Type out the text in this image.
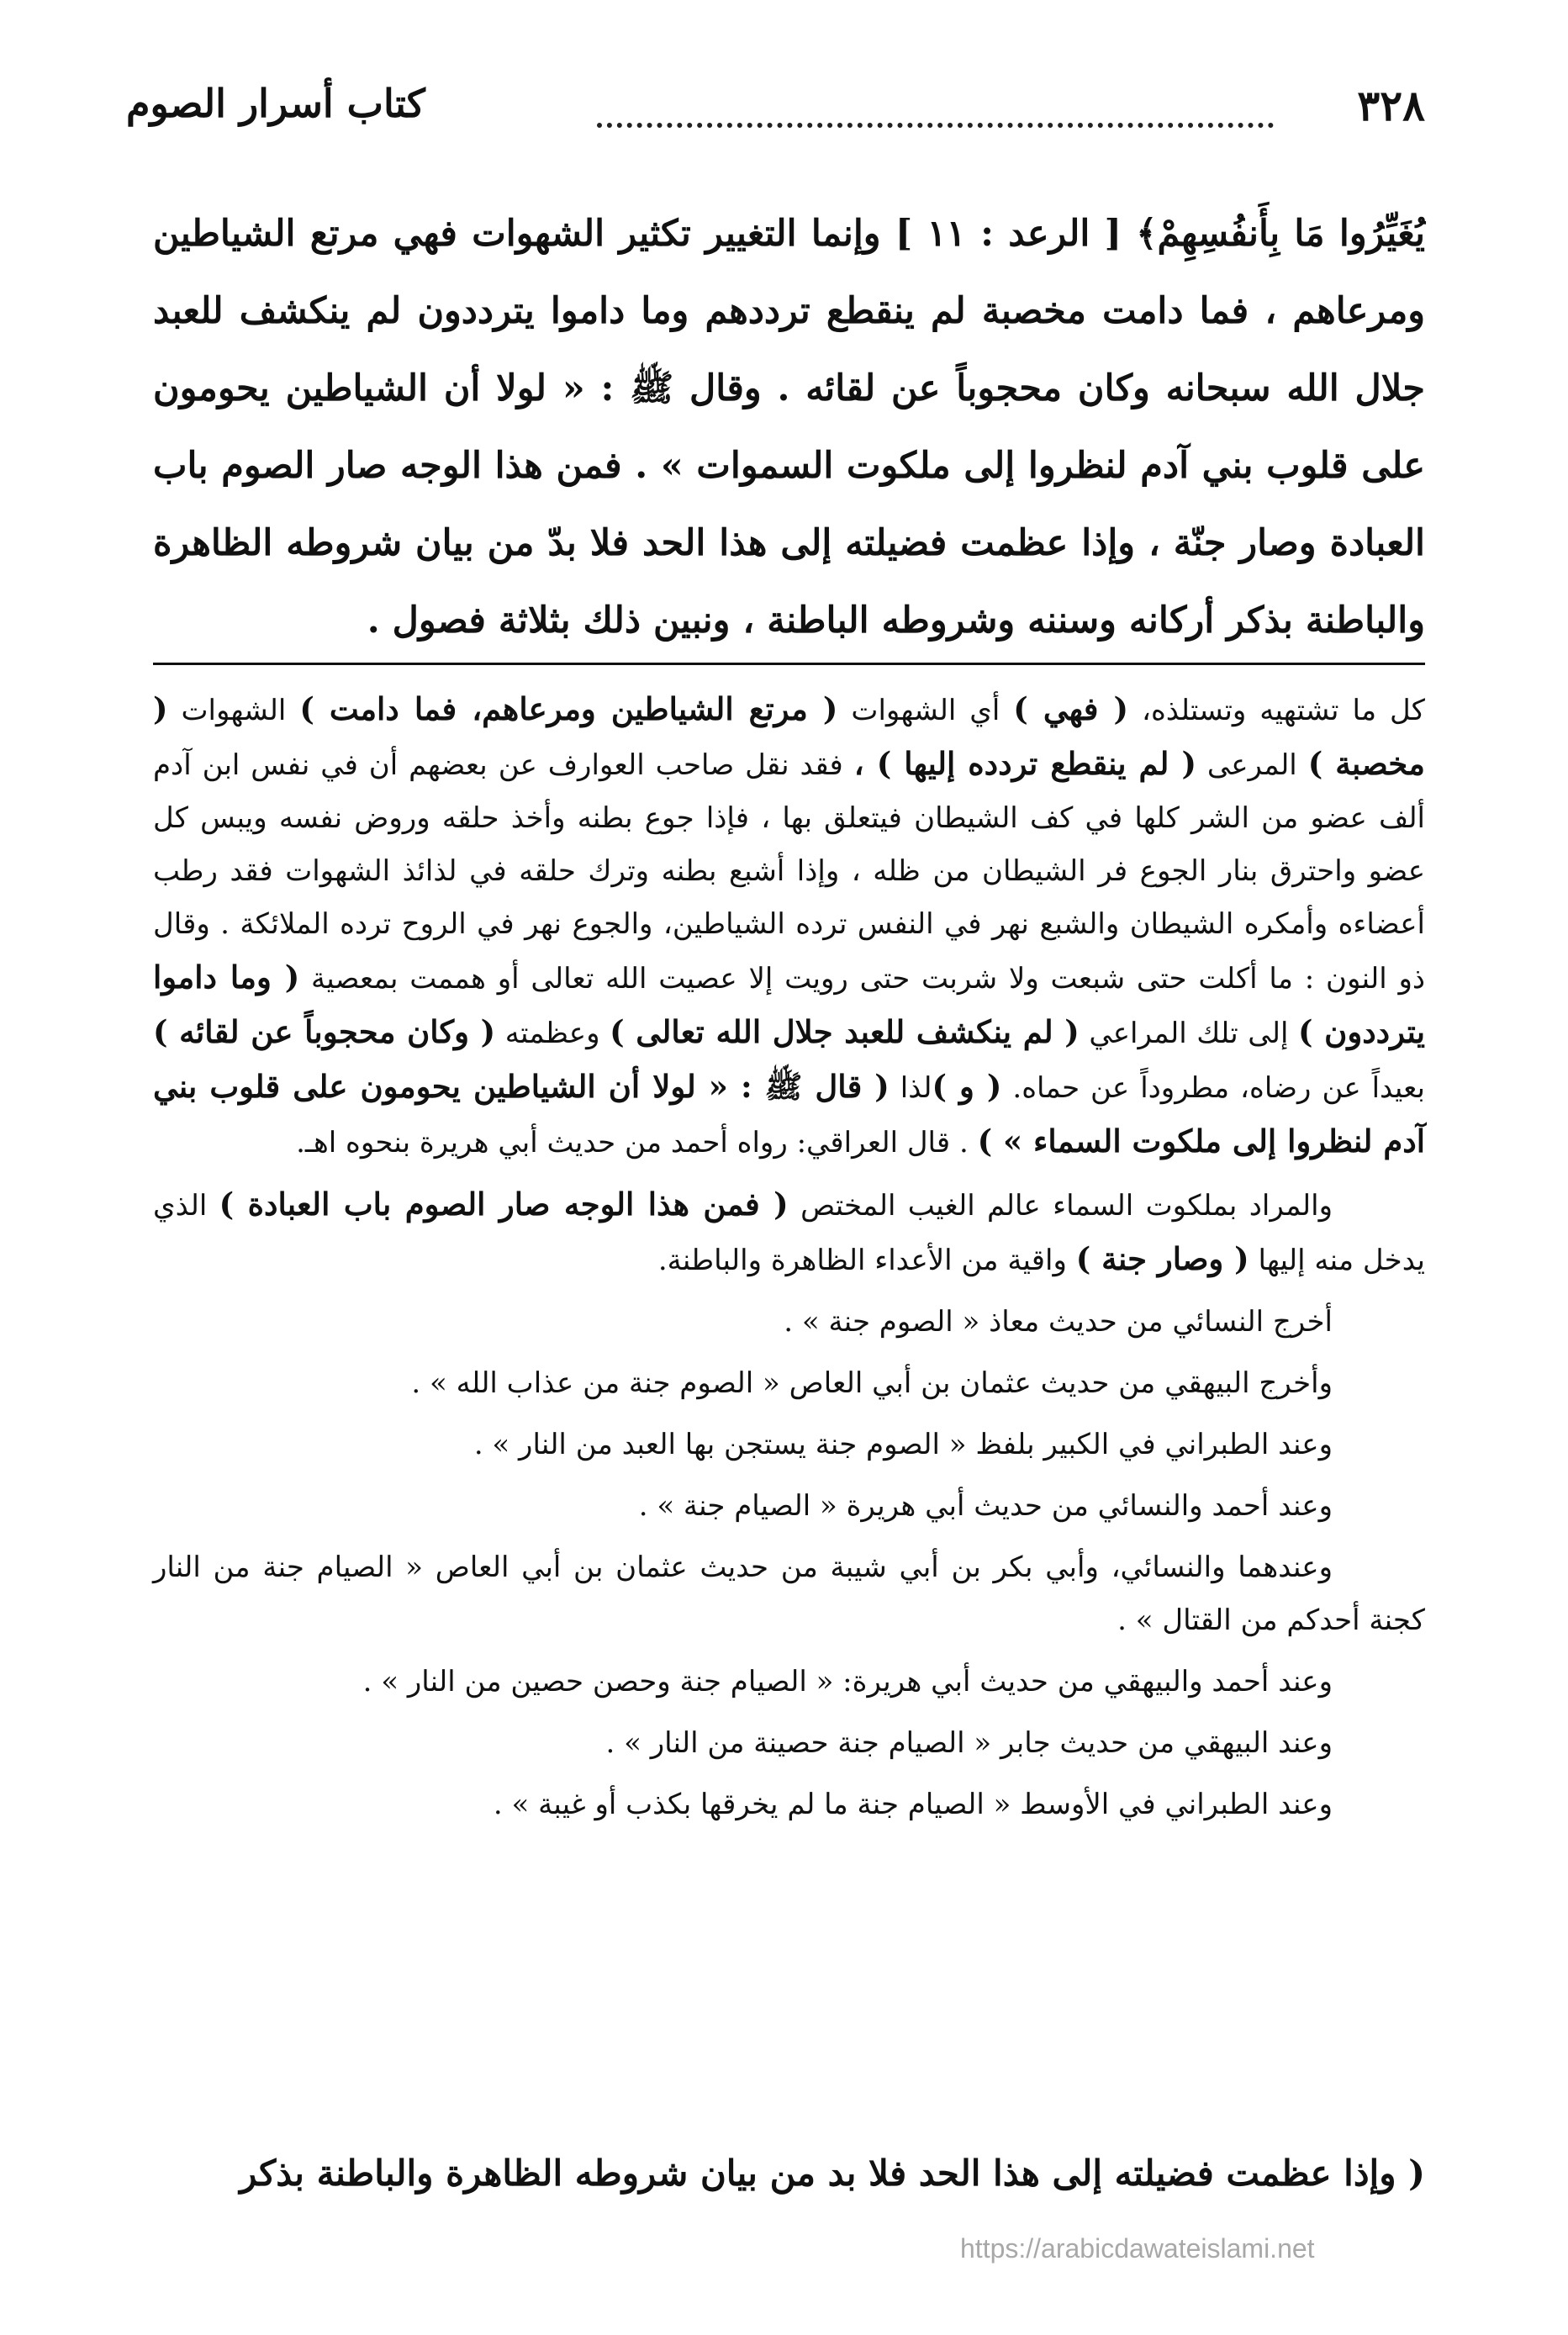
٣٢٨
كتاب أسرار الصوم

يُغَيِّرُوا مَا بِأَنفُسِهِمْ﴾ [ الرعد : ١١ ] وإنما التغيير تكثير الشهوات فهي مرتع الشياطين ومرعاهم ، فما دامت مخصبة لم ينقطع ترددهم وما داموا يترددون لم ينكشف للعبد جلال الله سبحانه وكان محجوباً عن لقائه . وقال ﷺ : « لولا أن الشياطين يحومون على قلوب بني آدم لنظروا إلى ملكوت السموات » . فمن هذا الوجه صار الصوم باب العبادة وصار جنّة ، وإذا عظمت فضيلته إلى هذا الحد فلا بدّ من بيان شروطه الظاهرة والباطنة بذكر أركانه وسننه وشروطه الباطنة ، ونبين ذلك بثلاثة فصول .

كل ما تشتهيه وتستلذه، ( فهي ) أي الشهوات ( مرتع الشياطين ومرعاهم، فما دامت ) الشهوات ( مخصبة ) المرعى ( لم ينقطع تردده إليها ) ، فقد نقل صاحب العوارف عن بعضهم أن في نفس ابن آدم ألف عضو من الشر كلها في كف الشيطان فيتعلق بها ، فإذا جوع بطنه وأخذ حلقه وروض نفسه ويبس كل عضو واحترق بنار الجوع فر الشيطان من ظله ، وإذا أشبع بطنه وترك حلقه في لذائذ الشهوات فقد رطب أعضاءه وأمكره الشيطان والشبع نهر في النفس ترده الشياطين، والجوع نهر في الروح ترده الملائكة . وقال ذو النون : ما أكلت حتى شبعت ولا شربت حتى رويت إلا عصيت الله تعالى أو هممت بمعصية ( وما داموا يترددون ) إلى تلك المراعي ( لم ينكشف للعبد جلال الله تعالى ) وعظمته ( وكان محجوباً عن لقائه ) بعيداً عن رضاه، مطروداً عن حماه. ( و )لذا ( قال ﷺ : « لولا أن الشياطين يحومون على قلوب بني آدم لنظروا إلى ملكوت السماء » ) . قال العراقي: رواه أحمد من حديث أبي هريرة بنحوه اهـ.

والمراد بملكوت السماء عالم الغيب المختص ( فمن هذا الوجه صار الصوم باب العبادة ) الذي يدخل منه إليها ( وصار جنة ) واقية من الأعداء الظاهرة والباطنة.

أخرج النسائي من حديث معاذ « الصوم جنة » .

وأخرج البيهقي من حديث عثمان بن أبي العاص « الصوم جنة من عذاب الله » .

وعند الطبراني في الكبير بلفظ « الصوم جنة يستجن بها العبد من النار » .

وعند أحمد والنسائي من حديث أبي هريرة « الصيام جنة » .

وعندهما والنسائي، وأبي بكر بن أبي شيبة من حديث عثمان بن أبي العاص « الصيام جنة من النار كجنة أحدكم من القتال » .

وعند أحمد والبيهقي من حديث أبي هريرة: « الصيام جنة وحصن حصين من النار » .

وعند البيهقي من حديث جابر « الصيام جنة حصينة من النار » .

وعند الطبراني في الأوسط « الصيام جنة ما لم يخرقها بكذب أو غيبة » .

( وإذا عظمت فضيلته إلى هذا الحد فلا بد من بيان شروطه الظاهرة والباطنة بذكر
https://arabicdawateislami.net
